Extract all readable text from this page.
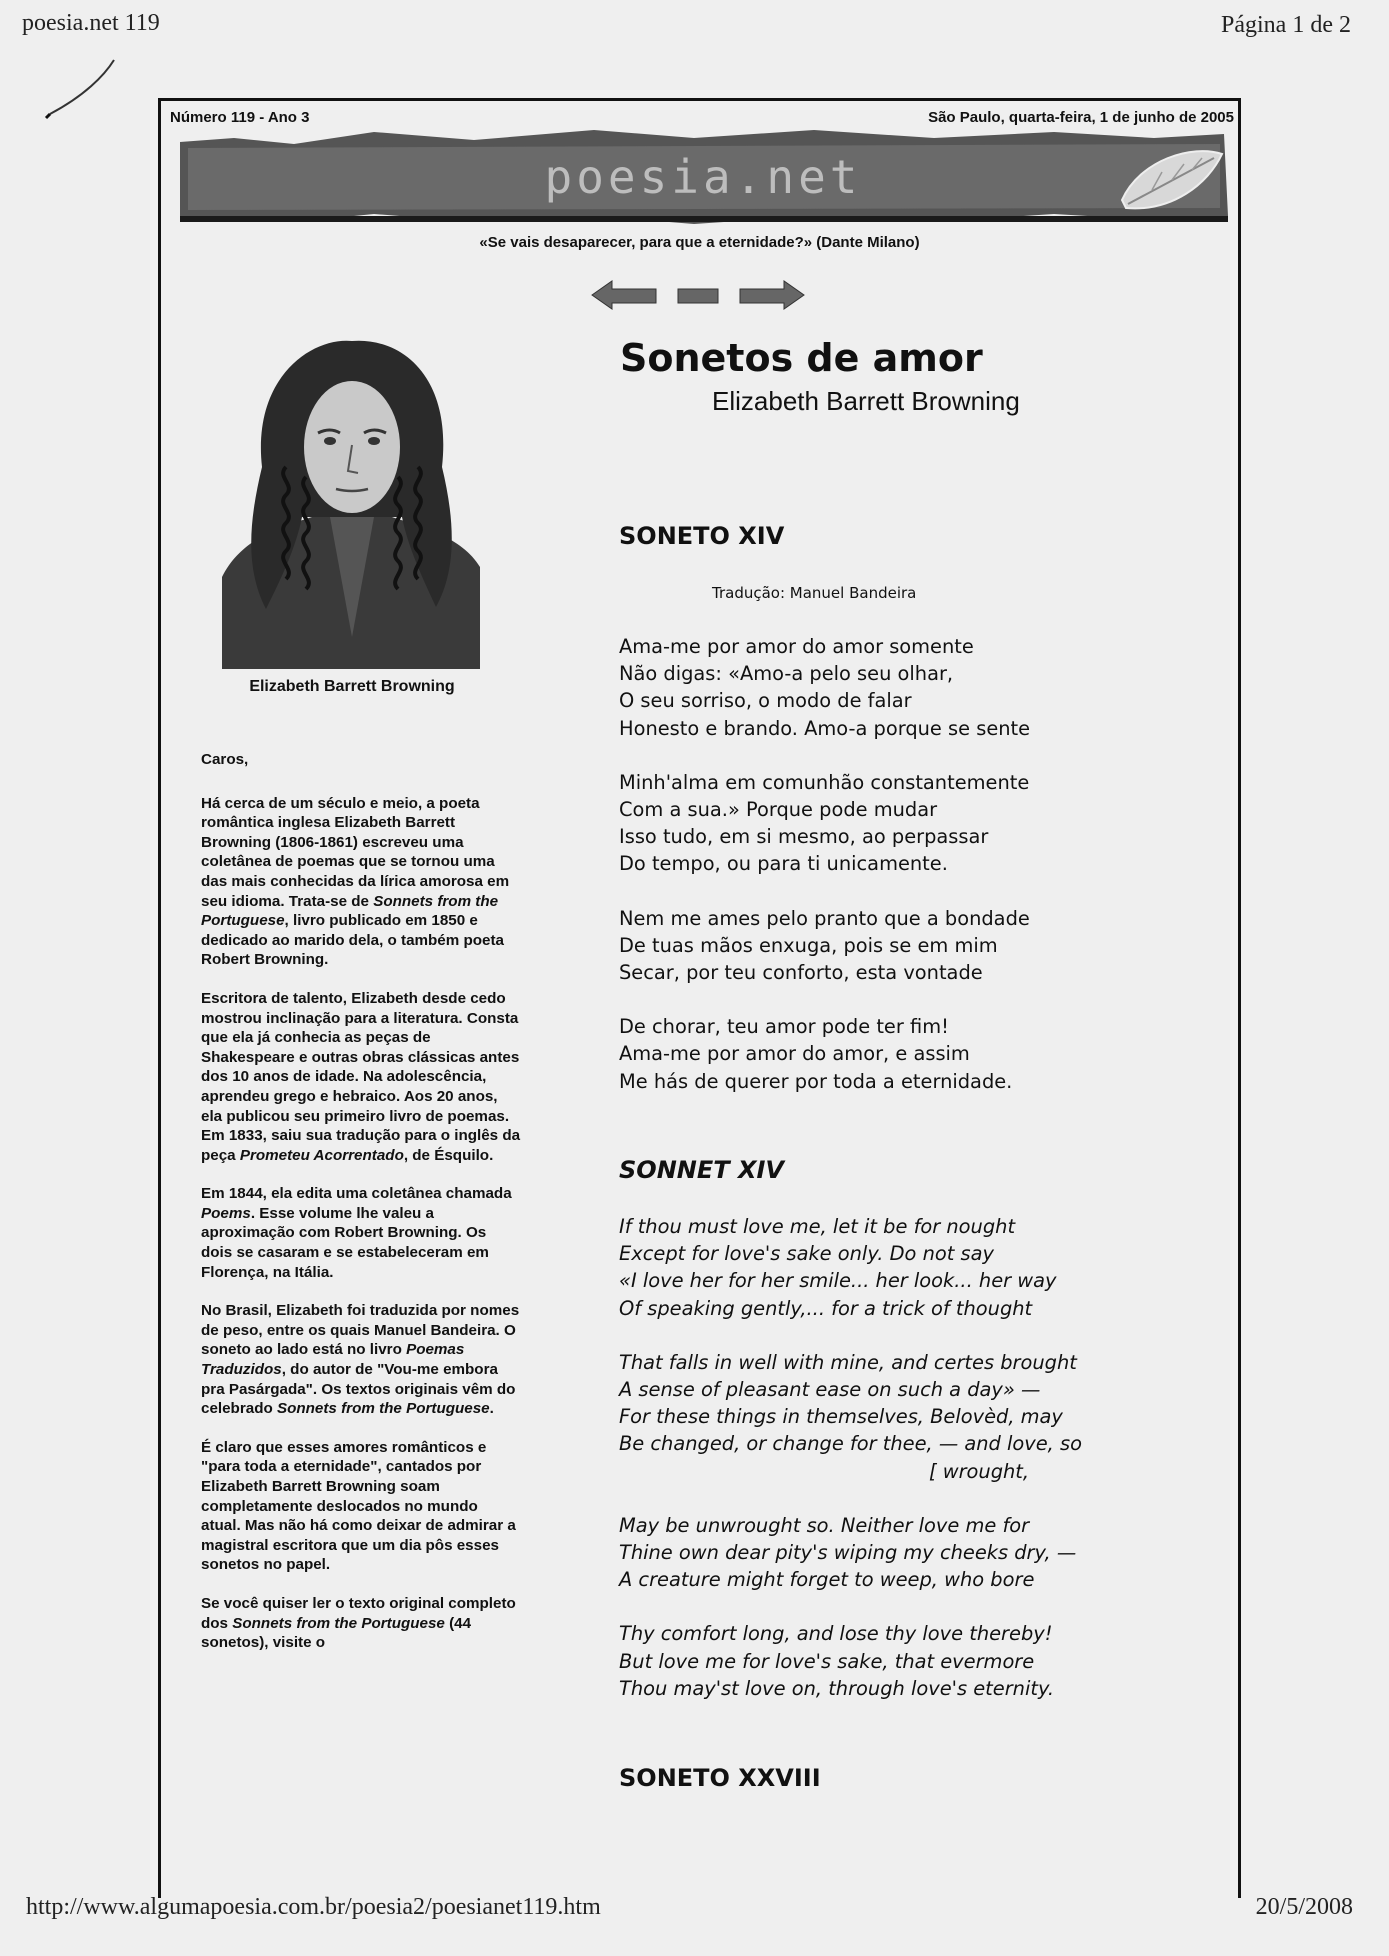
poesia.net 119	Página 1 de 2
Número 119 - Ano 3	São Paulo, quarta-feira, 1 de junho de 2005
poesia.net
«Se vais desaparecer, para que a eternidade?» (Dante Milano)
Sonetos de amor
Elizabeth Barrett Browning
Elizabeth Barrett Browning

Caros,

Há cerca de um século e meio, a poeta romântica inglesa Elizabeth Barrett Browning (1806-1861) escreveu uma coletânea de poemas que se tornou uma das mais conhecidas da lírica amorosa em seu idioma. Trata-se de Sonnets from the Portuguese, livro publicado em 1850 e dedicado ao marido dela, o também poeta Robert Browning.

Escritora de talento, Elizabeth desde cedo mostrou inclinação para a literatura. Consta que ela já conhecia as peças de Shakespeare e outras obras clássicas antes dos 10 anos de idade. Na adolescência, aprendeu grego e hebraico. Aos 20 anos, ela publicou seu primeiro livro de poemas. Em 1833, saiu sua tradução para o inglês da peça Prometeu Acorrentado, de Ésquilo.

Em 1844, ela edita uma coletânea chamada Poems. Esse volume lhe valeu a aproximação com Robert Browning. Os dois se casaram e se estabeleceram em Florença, na Itália.

No Brasil, Elizabeth foi traduzida por nomes de peso, entre os quais Manuel Bandeira. O soneto ao lado está no livro Poemas Traduzidos, do autor de "Vou-me embora pra Pasárgada". Os textos originais vêm do celebrado Sonnets from the Portuguese.

É claro que esses amores românticos e "para toda a eternidade", cantados por Elizabeth Barrett Browning soam completamente deslocados no mundo atual. Mas não há como deixar de admirar a magistral escritora que um dia pôs esses sonetos no papel.

Se você quiser ler o texto original completo dos Sonnets from the Portuguese (44 sonetos), visite o

SONETO XIV
Tradução: Manuel Bandeira
Ama-me por amor do amor somente
Não digas: «Amo-a pelo seu olhar,
O seu sorriso, o modo de falar
Honesto e brando. Amo-a porque se sente
Minh'alma em comunhão constantemente
Com a sua.» Porque pode mudar
Isso tudo, em si mesmo, ao perpassar
Do tempo, ou para ti unicamente.
Nem me ames pelo pranto que a bondade
De tuas mãos enxuga, pois se em mim
Secar, por teu conforto, esta vontade
De chorar, teu amor pode ter fim!
Ama-me por amor do amor, e assim
Me hás de querer por toda a eternidade.
SONNET XIV
If thou must love me, let it be for nought
Except for love's sake only. Do not say
«I love her for her smile... her look... her way
Of speaking gently,... for a trick of thought
That falls in well with mine, and certes brought
A sense of pleasant ease on such a day» —
For these things in themselves, Belovèd, may
Be changed, or change for thee, — and love, so
[ wrought,
May be unwrought so. Neither love me for
Thine own dear pity's wiping my cheeks dry, —
A creature might forget to weep, who bore
Thy comfort long, and lose thy love thereby!
But love me for love's sake, that evermore
Thou may'st love on, through love's eternity.
SONETO XXVIII
http://www.algumapoesia.com.br/poesia2/poesianet119.htm	20/5/2008
